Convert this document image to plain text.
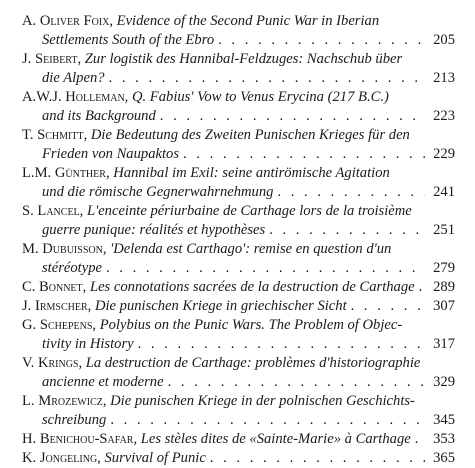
A. Oliver Foix, Evidence of the Second Punic War in Iberian
Settlements South of the Ebro . . .	205
J. Seibert, Zur logistik des Hannibal-Feldzuges: Nachschub über
die Alpen? . . .	213
A.W.J. Holleman, Q. Fabius' Vow to Venus Erycina (217 B.C.)
and its Background . . .	223
T. Schmitt, Die Bedeutung des Zweiten Punischen Krieges für den
Frieden von Naupaktos . . .	229
L.M. Günther, Hannibal im Exil: seine antirömische Agitation
und die römische Gegnerwahrnehmung . . .	241
S. Lancel, L'enceinte périurbaine de Carthage lors de la troisième
guerre punique: réalités et hypothèses . . .	251
M. Dubuisson, 'Delenda est Carthago': remise en question d'un
stéréotype . . .	279
C. Bonnet, Les connotations sacrées de la destruction de Carthage . . .	289
J. Irmscher, Die punischen Kriege in griechischer Sicht . . .	307
G. Schepens, Polybius on the Punic Wars. The Problem of Objec-
tivity in History . . .	317
V. Krings, La destruction de Carthage: problèmes d'historiographie
ancienne et moderne . . .	329
L. Mrozewicz, Die punischen Kriege in der polnischen Geschichts-
schreibung . . .	345
H. Benichou-Safar, Les stèles dites de «Sainte-Marie» à Carthage . . .	353
K. Jongeling, Survival of Punic . . .	365
